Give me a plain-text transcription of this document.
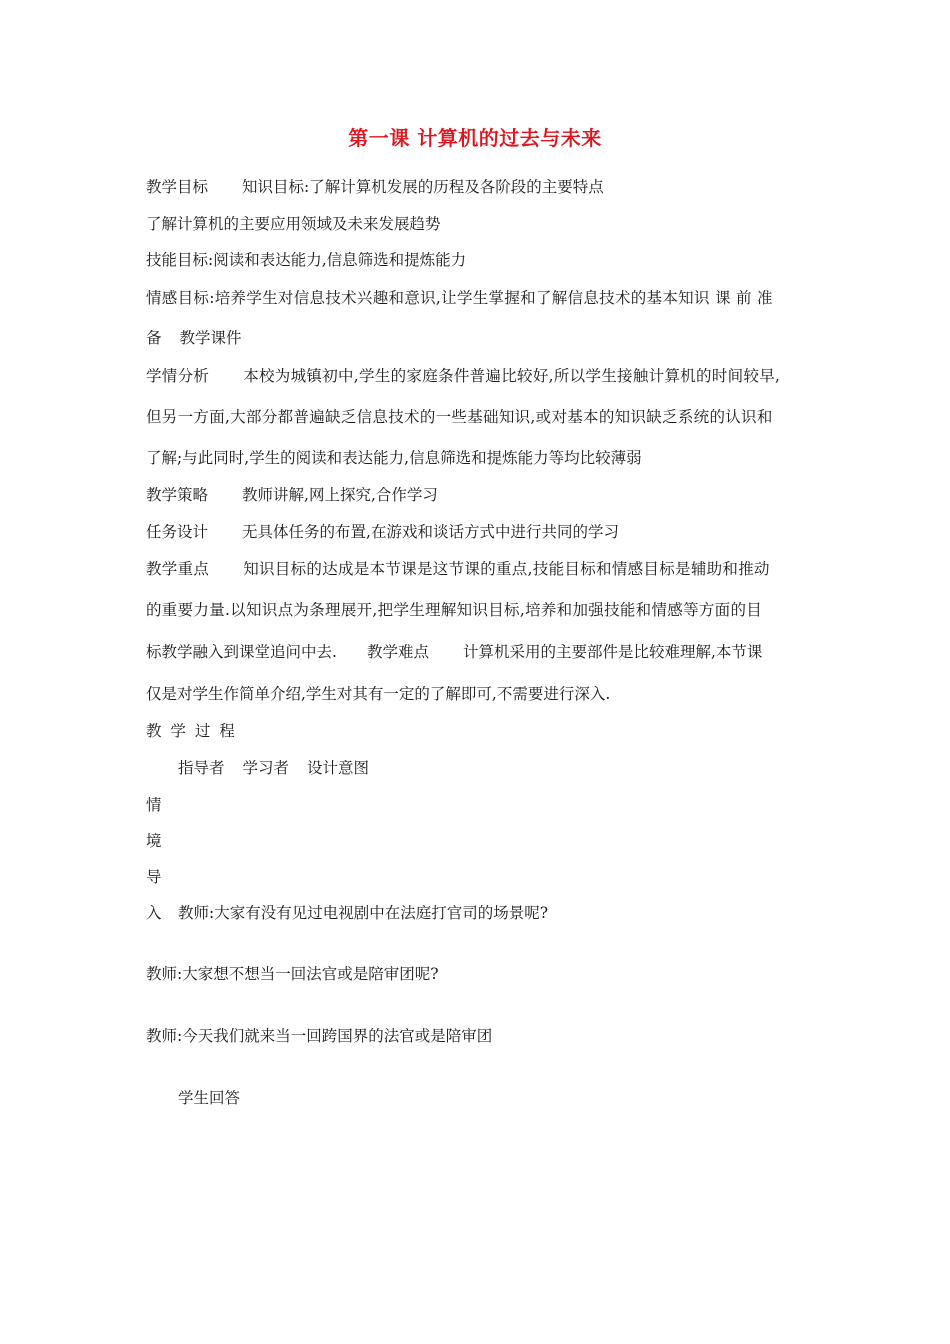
第一课 计算机的过去与未来
教学目标 知识目标:了解计算机发展的历程及各阶段的主要特点
了解计算机的主要应用领域及未来发展趋势
技能目标:阅读和表达能力,信息筛选和提炼能力
情感目标:培养学生对信息技术兴趣和意识,让学生掌握和了解信息技术的基本知识 课 前 准
备 教学课件
学情分析 本校为城镇初中,学生的家庭条件普遍比较好,所以学生接触计算机的时间较早,
但另一方面,大部分都普遍缺乏信息技术的一些基础知识,或对基本的知识缺乏系统的认识和
了解;与此同时,学生的阅读和表达能力,信息筛选和提炼能力等均比较薄弱
教学策略 教师讲解,网上探究,合作学习
任务设计 无具体任务的布置,在游戏和谈话方式中进行共同的学习
教学重点 知识目标的达成是本节课是这节课的重点,技能目标和情感目标是辅助和推动
的重要力量.以知识点为条理展开,把学生理解知识目标,培养和加强技能和情感等方面的目
标教学融入到课堂追问中去. 教学难点 计算机采用的主要部件是比较难理解,本节课
仅是对学生作简单介绍,学生对其有一定的了解即可,不需要进行深入.
教 学 过 程
指导者 学习者 设计意图
情
境
导
入 教师:大家有没有见过电视剧中在法庭打官司的场景呢?
教师:大家想不想当一回法官或是陪审团呢?
教师:今天我们就来当一回跨国界的法官或是陪审团
学生回答
